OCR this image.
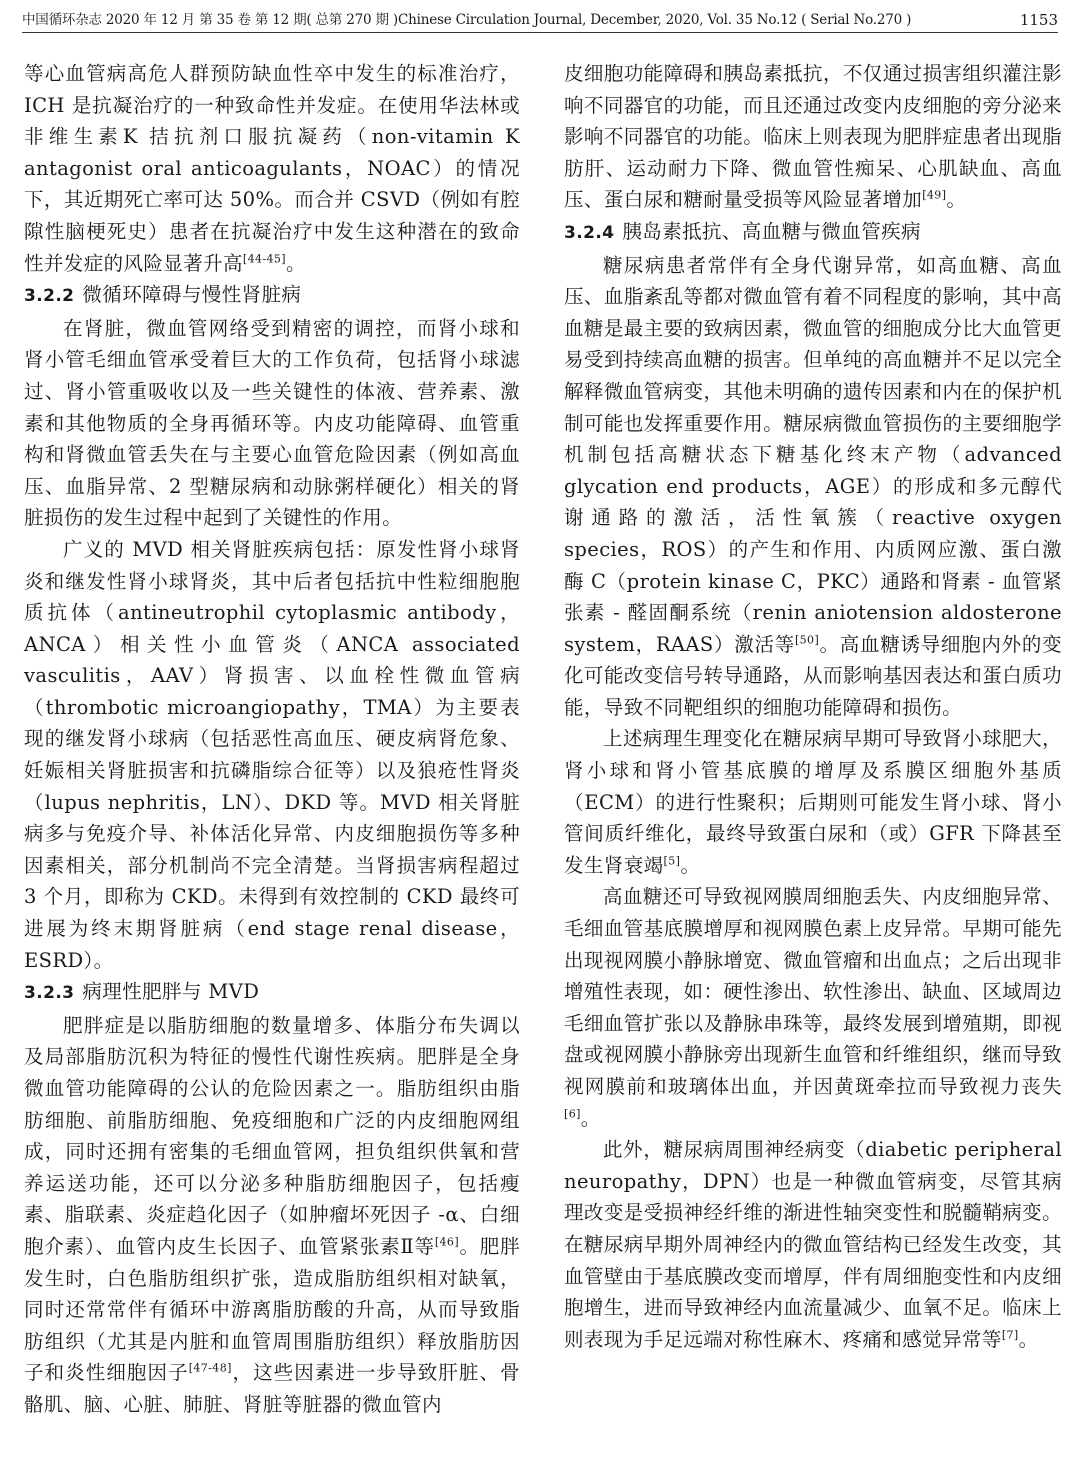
中国循环杂志 2020 年 12 月 第 35 卷 第 12 期( 总第 270 期 )Chinese Circulation Journal, December, 2020, Vol. 35 No.12 ( Serial No.270 )	1153

等心血管病高危人群预防缺血性卒中发生的标准治疗，ICH 是抗凝治疗的一种致命性并发症。在使用华法林或非维生素K 拮抗剂口服抗凝药（non-vitamin K antagonist oral anticoagulants，NOAC）的情况下，其近期死亡率可达 50%。而合并 CSVD（例如有腔隙性脑梗死史）患者在抗凝治疗中发生这种潜在的致命性并发症的风险显著升高[44-45]。

3.2.2 微循环障碍与慢性肾脏病

在肾脏，微血管网络受到精密的调控，而肾小球和肾小管毛细血管承受着巨大的工作负荷，包括肾小球滤过、肾小管重吸收以及一些关键性的体液、营养素、激素和其他物质的全身再循环等。内皮功能障碍、血管重构和肾微血管丢失在与主要心血管危险因素（例如高血压、血脂异常、2 型糖尿病和动脉粥样硬化）相关的肾脏损伤的发生过程中起到了关键性的作用。

广义的 MVD 相关肾脏疾病包括：原发性肾小球肾炎和继发性肾小球肾炎，其中后者包括抗中性粒细胞胞质抗体（antineutrophil cytoplasmic antibody，ANCA）相关性小血管炎（ANCA associated vasculitis，AAV）肾损害、以血栓性微血管病（thrombotic microangiopathy，TMA）为主要表现的继发肾小球病（包括恶性高血压、硬皮病肾危象、妊娠相关肾脏损害和抗磷脂综合征等）以及狼疮性肾炎（lupus nephritis，LN）、DKD 等。MVD 相关肾脏病多与免疫介导、补体活化异常、内皮细胞损伤等多种因素相关，部分机制尚不完全清楚。当肾损害病程超过 3 个月，即称为 CKD。未得到有效控制的 CKD 最终可进展为终末期肾脏病（end stage renal disease，ESRD）。

3.2.3 病理性肥胖与 MVD

肥胖症是以脂肪细胞的数量增多、体脂分布失调以及局部脂肪沉积为特征的慢性代谢性疾病。肥胖是全身微血管功能障碍的公认的危险因素之一。脂肪组织由脂肪细胞、前脂肪细胞、免疫细胞和广泛的内皮细胞网组成，同时还拥有密集的毛细血管网，担负组织供氧和营养运送功能，还可以分泌多种脂肪细胞因子，包括瘦素、脂联素、炎症趋化因子（如肿瘤坏死因子 -α、白细胞介素）、血管内皮生长因子、血管紧张素Ⅱ等[46]。肥胖发生时，白色脂肪组织扩张，造成脂肪组织相对缺氧，同时还常常伴有循环中游离脂肪酸的升高，从而导致脂肪组织（尤其是内脏和血管周围脂肪组织）释放脂肪因子和炎性细胞因子[47-48]，这些因素进一步导致肝脏、骨骼肌、脑、心脏、肺脏、肾脏等脏器的微血管内

皮细胞功能障碍和胰岛素抵抗，不仅通过损害组织灌注影响不同器官的功能，而且还通过改变内皮细胞的旁分泌来影响不同器官的功能。临床上则表现为肥胖症患者出现脂肪肝、运动耐力下降、微血管性痴呆、心肌缺血、高血压、蛋白尿和糖耐量受损等风险显著增加[49]。

3.2.4 胰岛素抵抗、高血糖与微血管疾病

糖尿病患者常伴有全身代谢异常，如高血糖、高血压、血脂紊乱等都对微血管有着不同程度的影响，其中高血糖是最主要的致病因素，微血管的细胞成分比大血管更易受到持续高血糖的损害。但单纯的高血糖并不足以完全解释微血管病变，其他未明确的遗传因素和内在的保护机制可能也发挥重要作用。糖尿病微血管损伤的主要细胞学机制包括高糖状态下糖基化终末产物（advanced glycation end products，AGE）的形成和多元醇代谢通路的激活，活性氧簇（reactive oxygen species，ROS）的产生和作用、内质网应激、蛋白激酶 C（protein kinase C，PKC）通路和肾素 - 血管紧张素 - 醛固酮系统（renin aniotension aldosterone system，RAAS）激活等[50]。高血糖诱导细胞内外的变化可能改变信号转导通路，从而影响基因表达和蛋白质功能，导致不同靶组织的细胞功能障碍和损伤。

上述病理生理变化在糖尿病早期可导致肾小球肥大，肾小球和肾小管基底膜的增厚及系膜区细胞外基质（ECM）的进行性聚积；后期则可能发生肾小球、肾小管间质纤维化，最终导致蛋白尿和（或）GFR 下降甚至发生肾衰竭[5]。

高血糖还可导致视网膜周细胞丢失、内皮细胞异常、毛细血管基底膜增厚和视网膜色素上皮异常。早期可能先出现视网膜小静脉增宽、微血管瘤和出血点；之后出现非增殖性表现，如：硬性渗出、软性渗出、缺血、区域周边毛细血管扩张以及静脉串珠等，最终发展到增殖期，即视盘或视网膜小静脉旁出现新生血管和纤维组织，继而导致视网膜前和玻璃体出血，并因黄斑牵拉而导致视力丧失[6]。

此外，糖尿病周围神经病变（diabetic peripheral neuropathy，DPN）也是一种微血管病变，尽管其病理改变是受损神经纤维的渐进性轴突变性和脱髓鞘病变。在糖尿病早期外周神经内的微血管结构已经发生改变，其血管壁由于基底膜改变而增厚，伴有周细胞变性和内皮细胞增生，进而导致神经内血流量减少、血氧不足。临床上则表现为手足远端对称性麻木、疼痛和感觉异常等[7]。
